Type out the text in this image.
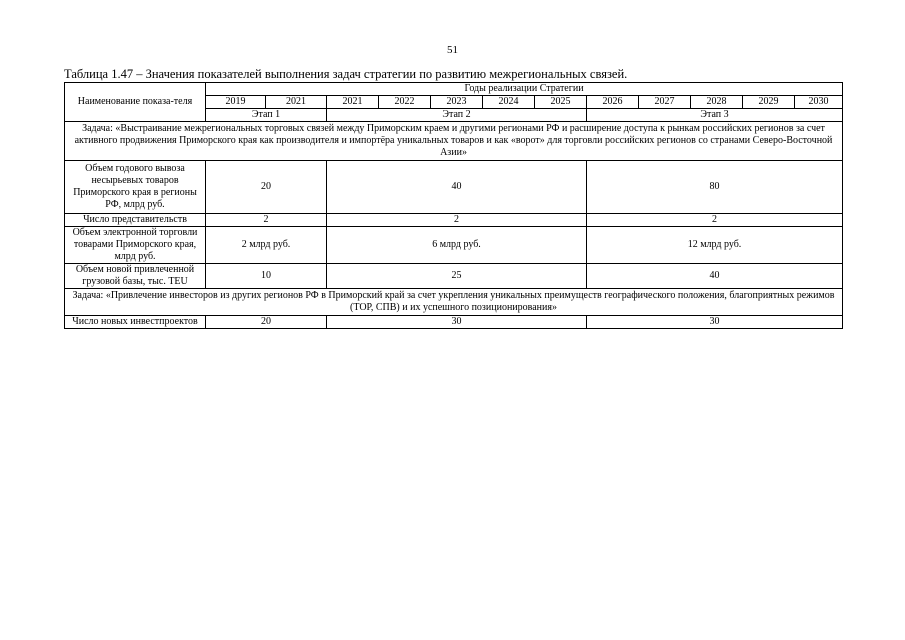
51
Таблица 1.47 – Значения показателей выполнения задач стратегии по развитию межрегиональных связей.
Наименование показа-теля	Годы реализации Стратегии											
	2019	2021	2021	2022	2023	2024	2025	2026	2027	2028	2029	2030
	Этап 1		Этап 2					Этап 3				
Задача: «Выстраивание межрегиональных торговых связей между Приморским краем и другими регионами РФ и расширение доступа к рынкам российских регионов за счет активного продвижения Приморского края как производителя и импортёра уникальных товаров и как «ворот» для торговли российских регионов со странами Северо-Восточной Азии»												
Объем годового вывоза несырьевых товаров Приморского края в регионы РФ, млрд руб.	20		40					80				
Число представительств	2		2					2				
Объем электронной торговли товарами Приморского края, млрд руб.	2 млрд руб.		6 млрд руб.					12 млрд руб.				
Объем новой привлеченной грузовой базы, тыс. TEU	10		25					40				
Задача: «Привлечение инвесторов из других регионов РФ в Приморский край за счет укрепления уникальных преимуществ географического положения, благоприятных режимов (ТОР, СПВ) и их успешного позиционирования»												
Число новых инвестпроектов	20		30					30				
